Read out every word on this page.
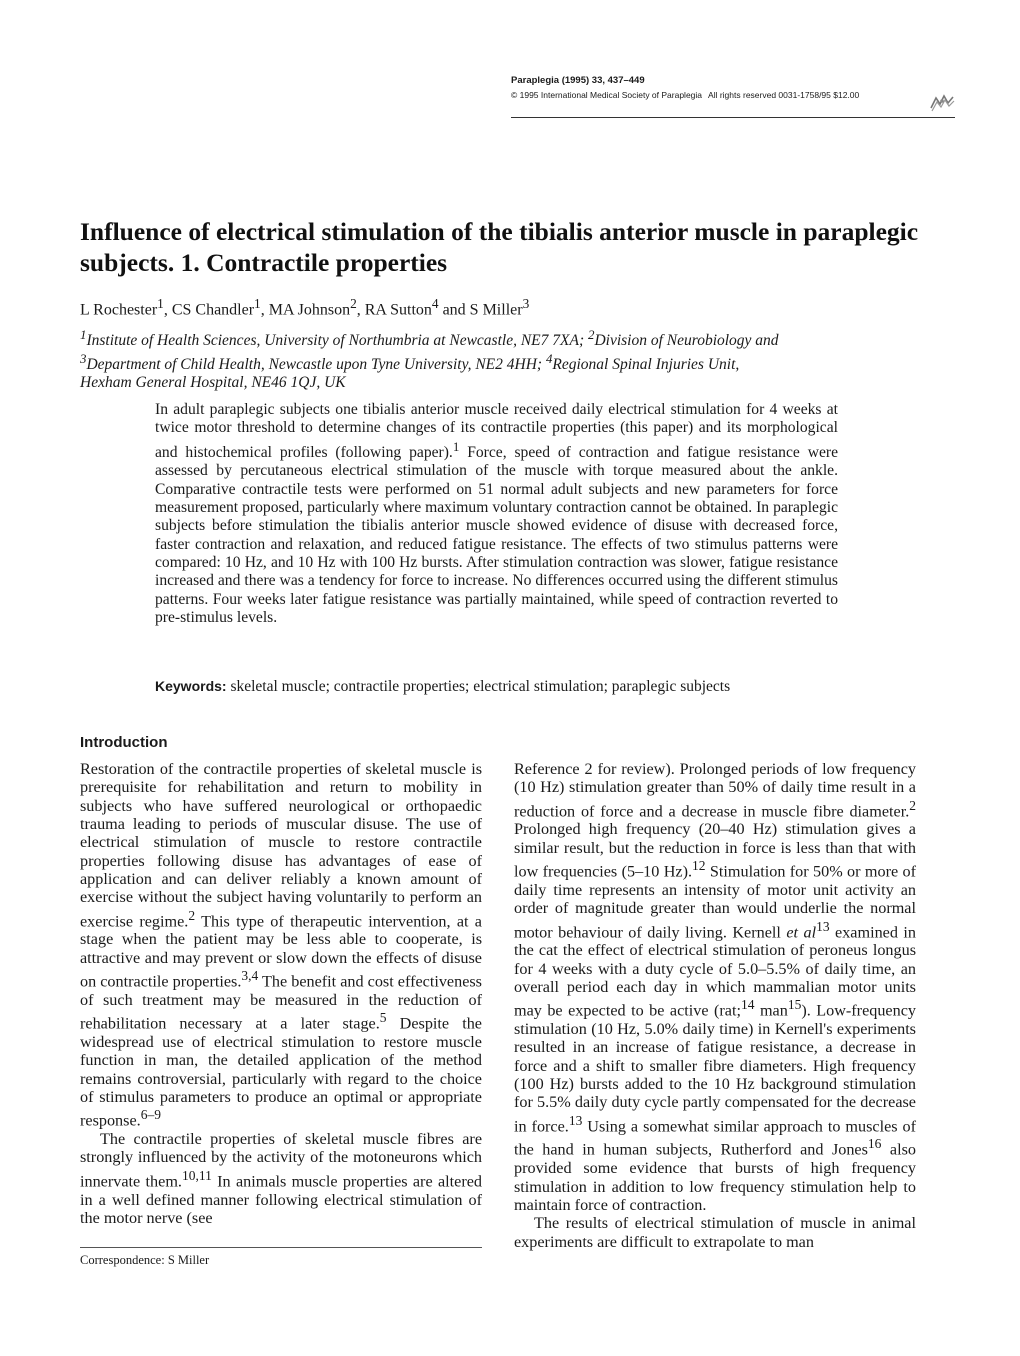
Paraplegia (1995) 33, 437–449
© 1995 International Medical Society of Paraplegia All rights reserved 0031-1758/95 $12.00
Influence of electrical stimulation of the tibialis anterior muscle in paraplegic subjects. 1. Contractile properties
L Rochester$^1$, CS Chandler$^1$, MA Johnson$^2$, RA Sutton$^4$ and S Miller$^3$

$^1$Institute of Health Sciences, University of Northumbria at Newcastle, NE7 7XA; $^2$Division of Neurobiology and

$^3$Department of Child Health, Newcastle upon Tyne University, NE2 4HH; $^4$Regional Spinal Injuries Unit,

Hexham General Hospital, NE46 1QJ, UK

In adult paraplegic subjects one tibialis anterior muscle received daily electrical stimulation for 4 weeks at twice motor threshold to determine changes of its contractile properties (this paper) and its morphological and histochemical profiles (following paper).$^1$ Force, speed of contraction and fatigue resistance were assessed by percutaneous electrical stimulation of the muscle with torque measured about the ankle. Comparative contractile tests were performed on 51 normal adult subjects and new parameters for force measurement proposed, particularly where maximum voluntary contraction cannot be obtained. In paraplegic subjects before stimulation the tibialis anterior muscle showed evidence of disuse with decreased force, faster contraction and relaxation, and reduced fatigue resistance. The effects of two stimulus patterns were compared: 10 Hz, and 10 Hz with 100 Hz bursts. After stimulation contraction was slower, fatigue resistance increased and there was a tendency for force to increase. No differences occurred using the different stimulus patterns. Four weeks later fatigue resistance was partially maintained, while speed of contraction reverted to pre-stimulus levels.

Keywords: skeletal muscle; contractile properties; electrical stimulation; paraplegic subjects
Introduction

Restoration of the contractile properties of skeletal muscle is prerequisite for rehabilitation and return to mobility in subjects who have suffered neurological or orthopaedic trauma leading to periods of muscular disuse. The use of electrical stimulation of muscle to restore contractile properties following disuse has advantages of ease of application and can deliver reliably a known amount of exercise without the subject having voluntarily to perform an exercise regime.$^2$ This type of therapeutic intervention, at a stage when the patient may be less able to cooperate, is attractive and may prevent or slow down the effects of disuse on contractile properties.$^{3,4}$ The benefit and cost effectiveness of such treatment may be measured in the reduction of rehabilitation necessary at a later stage.$^5$ Despite the widespread use of electrical stimulation to restore muscle function in man, the detailed application of the method remains controversial, particularly with regard to the choice of stimulus parameters to produce an optimal or appropriate response.$^{6-9}$

The contractile properties of skeletal muscle fibres are strongly influenced by the activity of the motoneurons which innervate them.$^{10,11}$ In animals muscle properties are altered in a well defined manner following electrical stimulation of the motor nerve (see

Reference 2 for review). Prolonged periods of low frequency (10 Hz) stimulation greater than 50% of daily time result in a reduction of force and a decrease in muscle fibre diameter.$^2$ Prolonged high frequency (20–40 Hz) stimulation gives a similar result, but the reduction in force is less than that with low frequencies (5–10 Hz).$^{12}$ Stimulation for 50% or more of daily time represents an intensity of motor unit activity an order of magnitude greater than would underlie the normal motor behaviour of daily living. Kernell et $al^{13}$ examined in the cat the effect of electrical stimulation of peroneus longus for 4 weeks with a duty cycle of 5.0–5.5% of daily time, an overall period each day in which mammalian motor units may be expected to be active (rat;$^{14}$ man$^{15}$). Low-frequency stimulation (10 Hz, 5.0% daily time) in Kernell's experiments resulted in an increase of fatigue resistance, a decrease in force and a shift to smaller fibre diameters. High frequency (100 Hz) bursts added to the 10 Hz background stimulation for 5.5% daily duty cycle partly compensated for the decrease in force.$^{13}$ Using a somewhat similar approach to muscles of the hand in human subjects, Rutherford and Jones$^{16}$ also provided some evidence that bursts of high frequency stimulation in addition to low frequency stimulation help to maintain force of contraction.

The results of electrical stimulation of muscle in animal experiments are difficult to extrapolate to man

Correspondence: S Miller
